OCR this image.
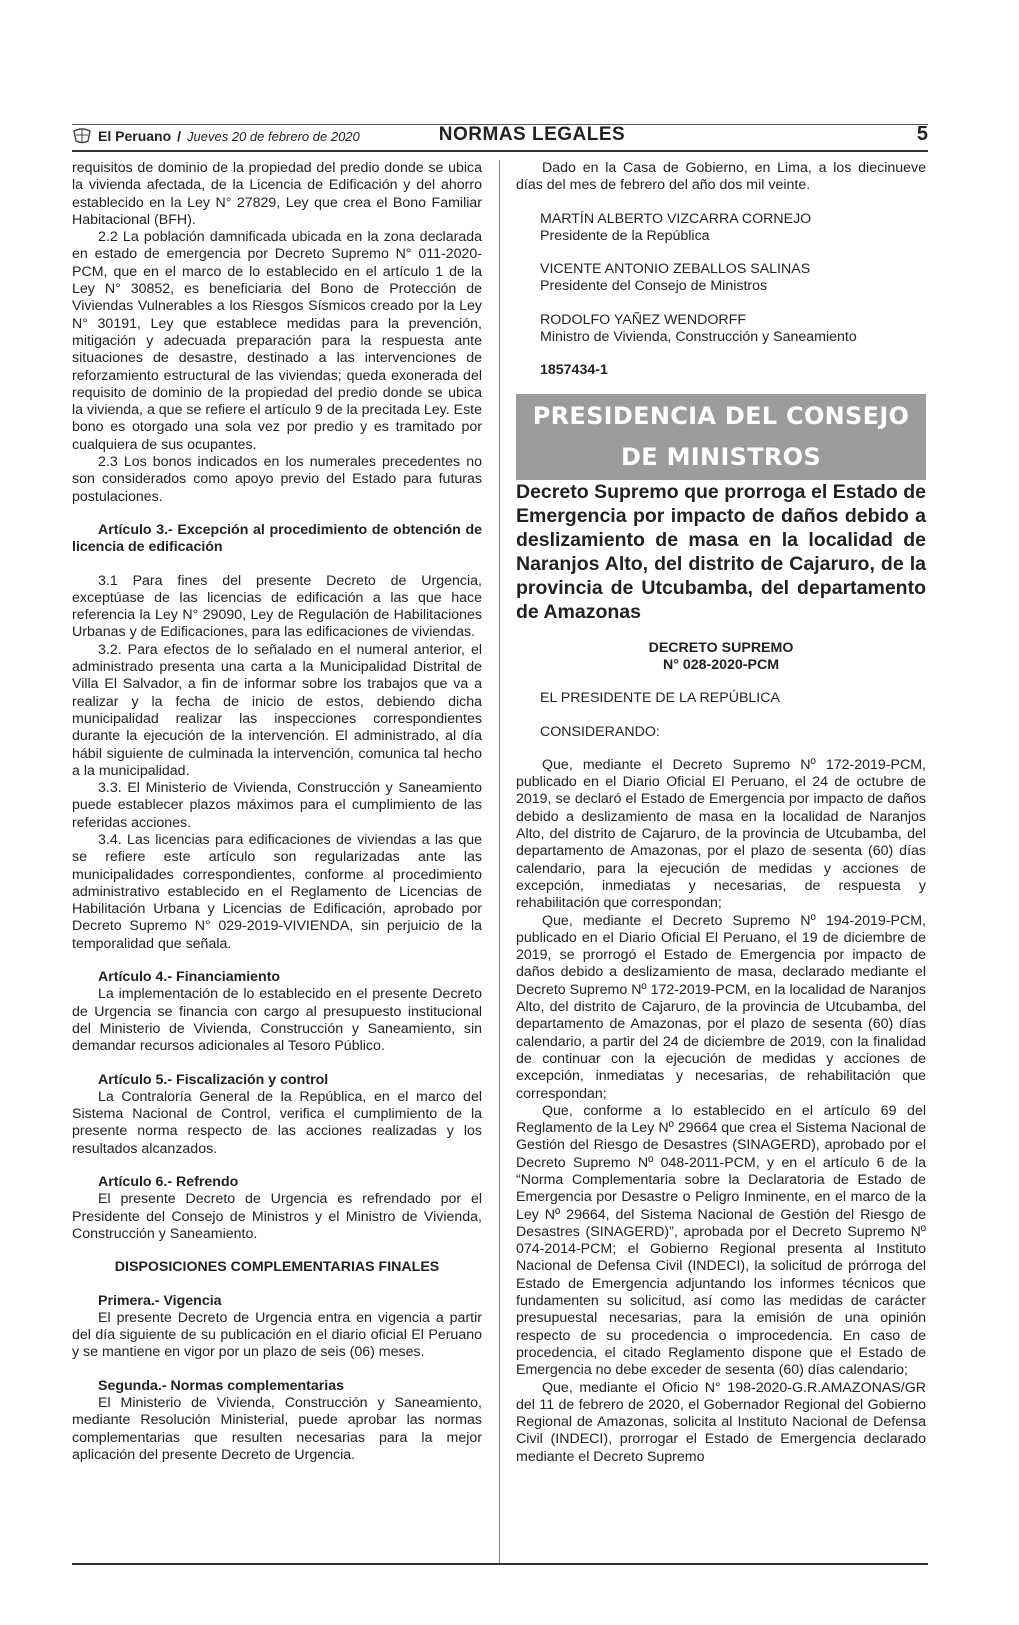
El Peruano / Jueves 20 de febrero de 2020	NORMAS LEGALES	5

requisitos de dominio de la propiedad del predio donde se ubica la vivienda afectada, de la Licencia de Edificación y del ahorro establecido en la Ley N° 27829, Ley que crea el Bono Familiar Habitacional (BFH).

2.2 La población damnificada ubicada en la zona declarada en estado de emergencia por Decreto Supremo N° 011-2020-PCM, que en el marco de lo establecido en el artículo 1 de la Ley N° 30852, es beneficiaria del Bono de Protección de Viviendas Vulnerables a los Riesgos Sísmicos creado por la Ley N° 30191, Ley que establece medidas para la prevención, mitigación y adecuada preparación para la respuesta ante situaciones de desastre, destinado a las intervenciones de reforzamiento estructural de las viviendas; queda exonerada del requisito de dominio de la propiedad del predio donde se ubica la vivienda, a que se refiere el artículo 9 de la precitada Ley. Este bono es otorgado una sola vez por predio y es tramitado por cualquiera de sus ocupantes.

2.3 Los bonos indicados en los numerales precedentes no son considerados como apoyo previo del Estado para futuras postulaciones.

Artículo 3.- Excepción al procedimiento de obtención de licencia de edificación

3.1 Para fines del presente Decreto de Urgencia, exceptúase de las licencias de edificación a las que hace referencia la Ley N° 29090, Ley de Regulación de Habilitaciones Urbanas y de Edificaciones, para las edificaciones de viviendas.

3.2. Para efectos de lo señalado en el numeral anterior, el administrado presenta una carta a la Municipalidad Distrital de Villa El Salvador, a fin de informar sobre los trabajos que va a realizar y la fecha de inicio de estos, debiendo dicha municipalidad realizar las inspecciones correspondientes durante la ejecución de la intervención. El administrado, al día hábil siguiente de culminada la intervención, comunica tal hecho a la municipalidad.

3.3. El Ministerio de Vivienda, Construcción y Saneamiento puede establecer plazos máximos para el cumplimiento de las referidas acciones.

3.4. Las licencias para edificaciones de viviendas a las que se refiere este artículo son regularizadas ante las municipalidades correspondientes, conforme al procedimiento administrativo establecido en el Reglamento de Licencias de Habilitación Urbana y Licencias de Edificación, aprobado por Decreto Supremo N° 029-2019-VIVIENDA, sin perjuicio de la temporalidad que señala.

Artículo 4.- Financiamiento

La implementación de lo establecido en el presente Decreto de Urgencia se financia con cargo al presupuesto institucional del Ministerio de Vivienda, Construcción y Saneamiento, sin demandar recursos adicionales al Tesoro Público.

Artículo 5.- Fiscalización y control

La Contraloría General de la República, en el marco del Sistema Nacional de Control, verifica el cumplimiento de la presente norma respecto de las acciones realizadas y los resultados alcanzados.

Artículo 6.- Refrendo

El presente Decreto de Urgencia es refrendado por el Presidente del Consejo de Ministros y el Ministro de Vivienda, Construcción y Saneamiento.

DISPOSICIONES COMPLEMENTARIAS FINALES

Primera.- Vigencia

El presente Decreto de Urgencia entra en vigencia a partir del día siguiente de su publicación en el diario oficial El Peruano y se mantiene en vigor por un plazo de seis (06) meses.

Segunda.- Normas complementarias

El Ministerio de Vivienda, Construcción y Saneamiento, mediante Resolución Ministerial, puede aprobar las normas complementarias que resulten necesarias para la mejor aplicación del presente Decreto de Urgencia.

Dado en la Casa de Gobierno, en Lima, a los diecinueve días del mes de febrero del año dos mil veinte.

MARTÍN ALBERTO VIZCARRA CORNEJO

Presidente de la República

VICENTE ANTONIO ZEBALLOS SALINAS

Presidente del Consejo de Ministros

RODOLFO YAÑEZ WENDORFF

Ministro de Vivienda, Construcción y Saneamiento

1857434-1

PRESIDENCIA DEL CONSEJO
DE MINISTROS

Decreto Supremo que prorroga el Estado de Emergencia por impacto de daños debido a deslizamiento de masa en la localidad de Naranjos Alto, del distrito de Cajaruro, de la provincia de Utcubamba, del departamento de Amazonas

DECRETO SUPREMO
N° 028-2020-PCM

EL PRESIDENTE DE LA REPÚBLICA

CONSIDERANDO:

Que, mediante el Decreto Supremo Nº 172-2019-PCM, publicado en el Diario Oficial El Peruano, el 24 de octubre de 2019, se declaró el Estado de Emergencia por impacto de daños debido a deslizamiento de masa en la localidad de Naranjos Alto, del distrito de Cajaruro, de la provincia de Utcubamba, del departamento de Amazonas, por el plazo de sesenta (60) días calendario, para la ejecución de medidas y acciones de excepción, inmediatas y necesarias, de respuesta y rehabilitación que correspondan;

Que, mediante el Decreto Supremo Nº 194-2019-PCM, publicado en el Diario Oficial El Peruano, el 19 de diciembre de 2019, se prorrogó el Estado de Emergencia por impacto de daños debido a deslizamiento de masa, declarado mediante el Decreto Supremo Nº 172-2019-PCM, en la localidad de Naranjos Alto, del distrito de Cajaruro, de la provincia de Utcubamba, del departamento de Amazonas, por el plazo de sesenta (60) días calendario, a partir del 24 de diciembre de 2019, con la finalidad de continuar con la ejecución de medidas y acciones de excepción, inmediatas y necesarias, de rehabilitación que correspondan;

Que, conforme a lo establecido en el artículo 69 del Reglamento de la Ley Nº 29664 que crea el Sistema Nacional de Gestión del Riesgo de Desastres (SINAGERD), aprobado por el Decreto Supremo Nº 048-2011-PCM, y en el artículo 6 de la “Norma Complementaria sobre la Declaratoria de Estado de Emergencia por Desastre o Peligro Inminente, en el marco de la Ley Nº 29664, del Sistema Nacional de Gestión del Riesgo de Desastres (SINAGERD)”, aprobada por el Decreto Supremo Nº 074-2014-PCM; el Gobierno Regional presenta al Instituto Nacional de Defensa Civil (INDECI), la solicitud de prórroga del Estado de Emergencia adjuntando los informes técnicos que fundamenten su solicitud, así como las medidas de carácter presupuestal necesarias, para la emisión de una opinión respecto de su procedencia o improcedencia. En caso de procedencia, el citado Reglamento dispone que el Estado de Emergencia no debe exceder de sesenta (60) días calendario;

Que, mediante el Oficio N° 198-2020-G.R.AMAZONAS/GR del 11 de febrero de 2020, el Gobernador Regional del Gobierno Regional de Amazonas, solicita al Instituto Nacional de Defensa Civil (INDECI), prorrogar el Estado de Emergencia declarado mediante el Decreto Supremo
